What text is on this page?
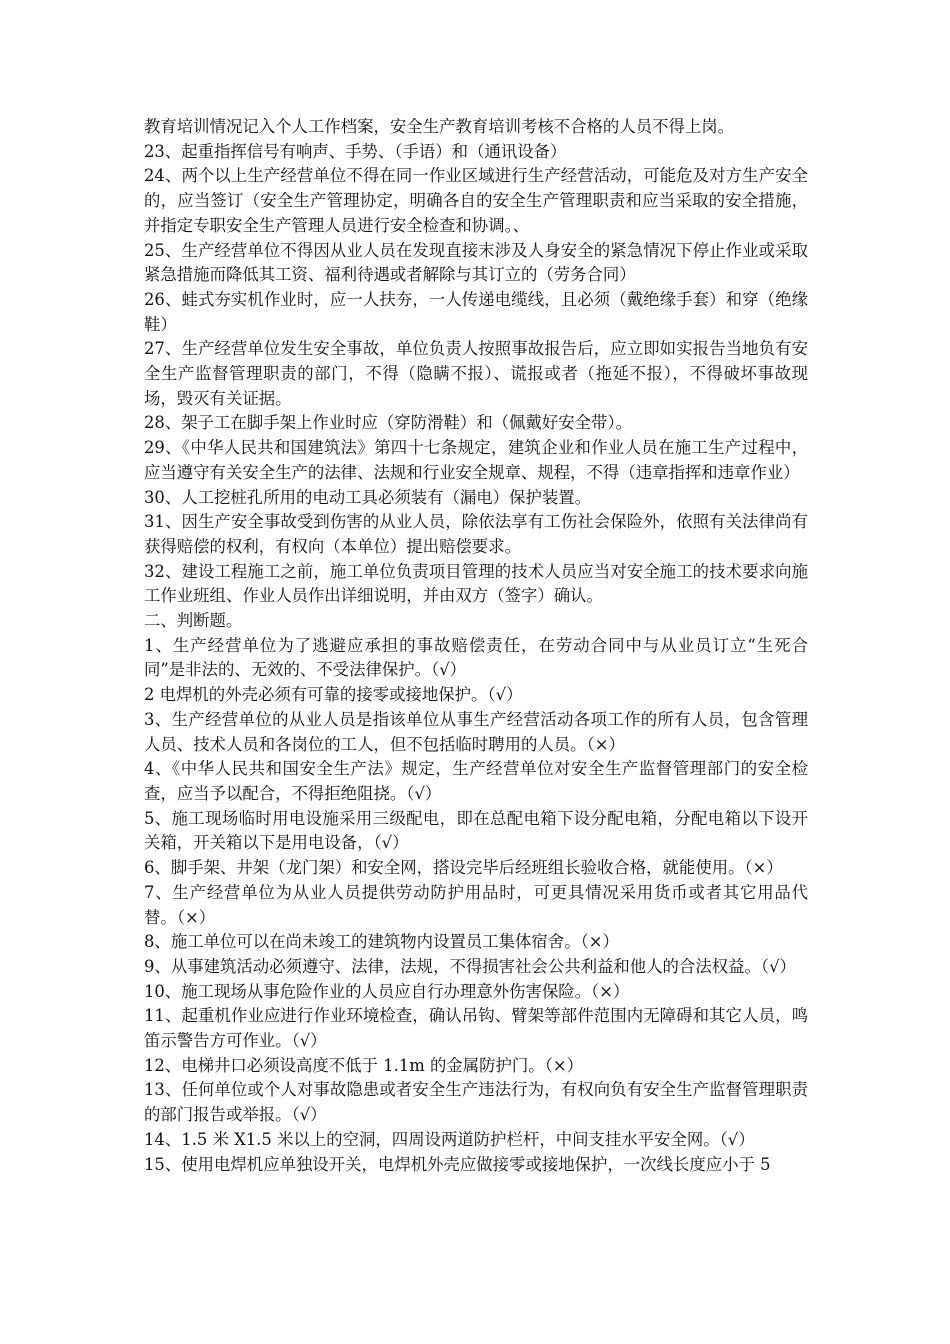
教育培训情况记入个人工作档案，安全生产教育培训考核不合格的人员不得上岗。

23、起重指挥信号有响声、手势、（手语）和（通讯设备）

24、两个以上生产经营单位不得在同一作业区域进行生产经营活动，可能危及对方生产安全的，应当签订（安全生产管理协定，明确各自的安全生产管理职责和应当采取的安全措施，并指定专职安全生产管理人员进行安全检查和协调。、

25、生产经营单位不得因从业人员在发现直接末涉及人身安全的紧急情况下停止作业或采取紧急措施而降低其工资、福利待遇或者解除与其订立的（劳务合同）

26、蛙式夯实机作业时，应一人扶夯，一人传递电缆线，且必须（戴绝缘手套）和穿（绝缘鞋）

27、生产经营单位发生安全事故，单位负责人按照事故报告后，应立即如实报告当地负有安全生产监督管理职责的部门，不得（隐瞒不报）、谎报或者（拖延不报），不得破坏事故现场，毁灭有关证据。

28、架子工在脚手架上作业时应（穿防滑鞋）和（佩戴好安全带）。

29、《中华人民共和国建筑法》第四十七条规定，建筑企业和作业人员在施工生产过程中，应当遵守有关安全生产的法律、法规和行业安全规章、规程，不得（违章指挥和违章作业）

30、人工挖桩孔所用的电动工具必须装有（漏电）保护装置。

31、因生产安全事故受到伤害的从业人员，除依法享有工伤社会保险外，依照有关法律尚有获得赔偿的权利，有权向（本单位）提出赔偿要求。

32、建设工程施工之前，施工单位负责项目管理的技术人员应当对安全施工的技术要求向施工作业班组、作业人员作出详细说明，并由双方（签字）确认。

二、判断题。

1、生产经营单位为了逃避应承担的事故赔偿责任，在劳动合同中与从业员订立“生死合同”是非法的、无效的、不受法律保护。（√）

2 电焊机的外壳必须有可靠的接零或接地保护。（√）

3、生产经营单位的从业人员是指该单位从事生产经营活动各项工作的所有人员，包含管理人员、技术人员和各岗位的工人，但不包括临时聘用的人员。（×）

4、《中华人民共和国安全生产法》规定，生产经营单位对安全生产监督管理部门的安全检查，应当予以配合，不得拒绝阻挠。（√）

5、施工现场临时用电设施采用三级配电，即在总配电箱下设分配电箱，分配电箱以下设开关箱，开关箱以下是用电设备，（√）

6、脚手架、井架（龙门架）和安全网，搭设完毕后经班组长验收合格，就能使用。（×）

7、生产经营单位为从业人员提供劳动防护用品时，可更具情况采用货币或者其它用品代替。（×）

8、施工单位可以在尚未竣工的建筑物内设置员工集体宿舍。（×）

9、从事建筑活动必须遵守、法律，法规，不得损害社会公共利益和他人的合法权益。（√）

10、施工现场从事危险作业的人员应自行办理意外伤害保险。（×）

11、起重机作业应进行作业环境检查，确认吊钩、臂架等部件范围内无障碍和其它人员，鸣笛示警告方可作业。（√）

12、电梯井口必须设高度不低于 1.1m 的金属防护门。（×）

13、任何单位或个人对事故隐患或者安全生产违法行为，有权向负有安全生产监督管理职责的部门报告或举报。（√）

14、1.5 米 X1.5 米以上的空洞，四周设两道防护栏杆，中间支挂水平安全网。（√）

15、使用电焊机应单独设开关，电焊机外壳应做接零或接地保护，一次线长度应小于 5
